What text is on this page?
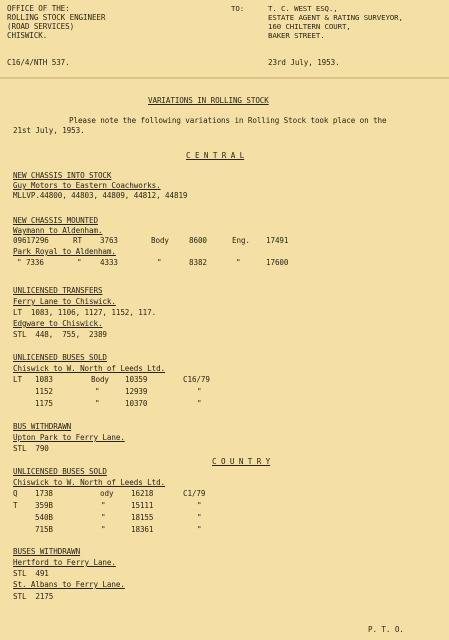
OFFICE OF THE:
ROLLING STOCK ENGINEER
(ROAD SERVICES)
CHISWICK.
C16/4/NTH 537.
TO:	T. C. WEST ESQ.,
ESTATE AGENT & RATING SURVEYOR,
160 CHILTERN COURT,
BAKER STREET.
23rd July, 1953.
VARIATIONS IN ROLLING STOCK
Please note the following variations in Rolling Stock took place on the
21st July, 1953.
C E N T R A L
NEW CHASSIS INTO STOCK
Guy Motors to Eastern Coachworks.
MLLVP.44800, 44803, 44809, 44812, 44819
NEW CHASSIS MOUNTED
Waymann to Aldenham.
09617296	RT 3763	Body	8600	Eng. 17491
Park Royal to Aldenham.
" 7336	" 4333	"	8382	"	17600
UNLICENSED TRANSFERS
Ferry Lane to Chiswick.
LT  1083, 1106, 1127, 1152, 117.
Edgware to Chiswick.
STL  448,  755,  2389
UNLICENSED BUSES SOLD
Chiswick to W. North of Leeds Ltd.
LT 1083	Body 10359	C16/79
1152	"	12939	"
1175	"	10370	"
BUS WITHDRAWN
Upton Park to Ferry Lane.
STL  790
C O U N T R Y
UNLICENSED BUSES SOLD
Chiswick to W. North of Leeds Ltd.
Q 1738	ody 16218	C1/79
T 359B	"	15111	"
540B	"	18155	"
715B	"	18361	"
BUSES WITHDRAWN
Hertford to Ferry Lane.
STL  491
St. Albans to Ferry Lane.
STL  2175
P. T. O.
